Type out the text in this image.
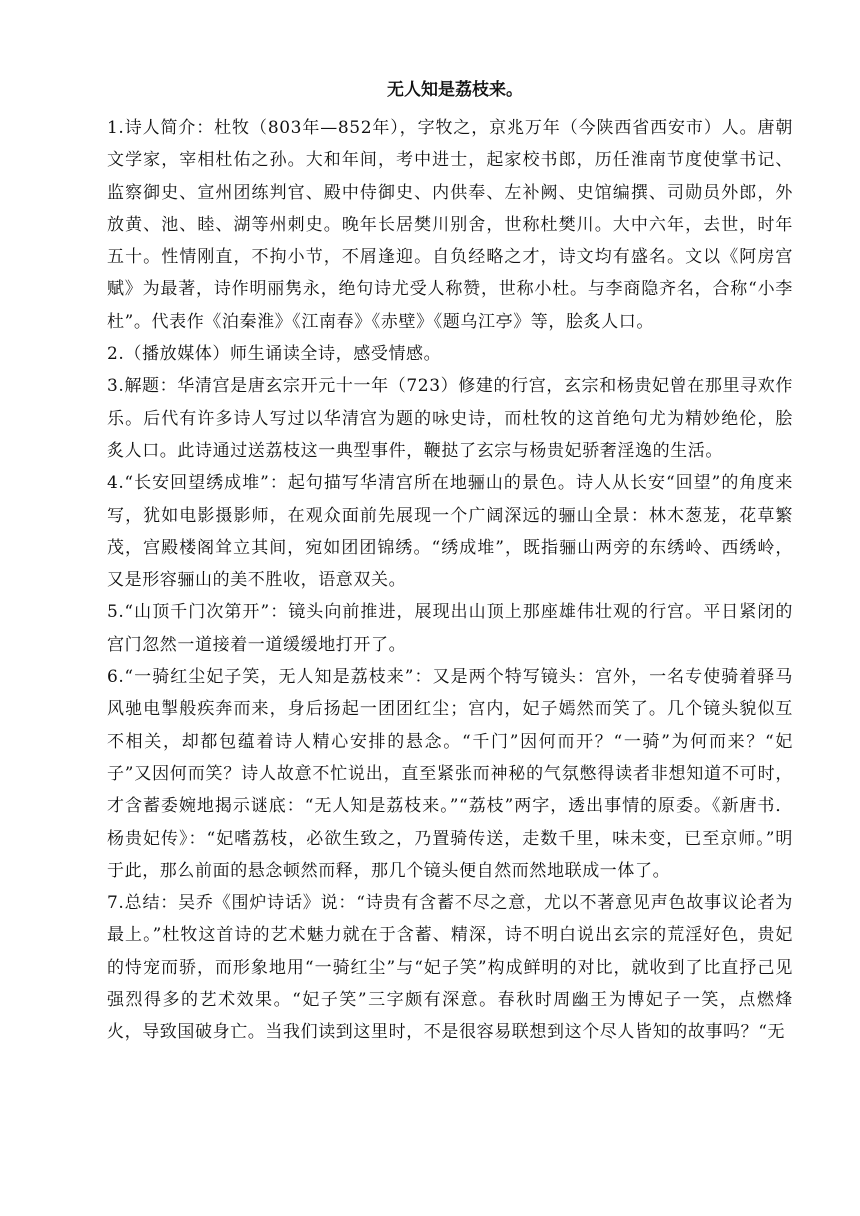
无人知是荔枝来。

1.诗人简介：杜牧（803年—852年），字牧之，京兆万年（今陕西省西安市）人。唐朝文学家，宰相杜佑之孙。大和年间，考中进士，起家校书郎，历任淮南节度使掌书记、监察御史、宣州团练判官、殿中侍御史、内供奉、左补阙、史馆编撰、司勋员外郎，外放黄、池、睦、湖等州刺史。晚年长居樊川别舍，世称杜樊川。大中六年，去世，时年五十。性情刚直，不拘小节，不屑逢迎。自负经略之才，诗文均有盛名。文以《阿房宫赋》为最著，诗作明丽隽永，绝句诗尤受人称赞，世称小杜。与李商隐齐名，合称“小李杜”。代表作《泊秦淮》《江南春》《赤壁》《题乌江亭》等，脍炙人口。

2.（播放媒体）师生诵读全诗，感受情感。

3.解题：华清宫是唐玄宗开元十一年（723）修建的行宫，玄宗和杨贵妃曾在那里寻欢作乐。后代有许多诗人写过以华清宫为题的咏史诗，而杜牧的这首绝句尤为精妙绝伦，脍炙人口。此诗通过送荔枝这一典型事件，鞭挞了玄宗与杨贵妃骄奢淫逸的生活。

4.“长安回望绣成堆”：起句描写华清宫所在地骊山的景色。诗人从长安“回望”的角度来写，犹如电影摄影师，在观众面前先展现一个广阔深远的骊山全景：林木葱茏，花草繁茂，宫殿楼阁耸立其间，宛如团团锦绣。“绣成堆”，既指骊山两旁的东绣岭、西绣岭，又是形容骊山的美不胜收，语意双关。

5.“山顶千门次第开”：镜头向前推进，展现出山顶上那座雄伟壮观的行宫。平日紧闭的宫门忽然一道接着一道缓缓地打开了。

6.“一骑红尘妃子笑，无人知是荔枝来”：又是两个特写镜头：宫外，一名专使骑着驿马风驰电掣般疾奔而来，身后扬起一团团红尘；宫内，妃子嫣然而笑了。几个镜头貌似互不相关，却都包蕴着诗人精心安排的悬念。“千门”因何而开？“一骑”为何而来？“妃子”又因何而笑？诗人故意不忙说出，直至紧张而神秘的气氛憋得读者非想知道不可时，才含蓄委婉地揭示谜底：“无人知是荔枝来。”“荔枝”两字，透出事情的原委。《新唐书．杨贵妃传》：“妃嗜荔枝，必欲生致之，乃置骑传送，走数千里，味未变，已至京师。”明于此，那么前面的悬念顿然而释，那几个镜头便自然而然地联成一体了。

7.总结：吴乔《围炉诗话》说：“诗贵有含蓄不尽之意，尤以不著意见声色故事议论者为最上。”杜牧这首诗的艺术魅力就在于含蓄、精深，诗不明白说出玄宗的荒淫好色，贵妃的恃宠而骄，而形象地用“一骑红尘”与“妃子笑”构成鲜明的对比，就收到了比直抒己见强烈得多的艺术效果。“妃子笑”三字颇有深意。春秋时周幽王为博妃子一笑，点燃烽火，导致国破身亡。当我们读到这里时，不是很容易联想到这个尽人皆知的故事吗？“无
